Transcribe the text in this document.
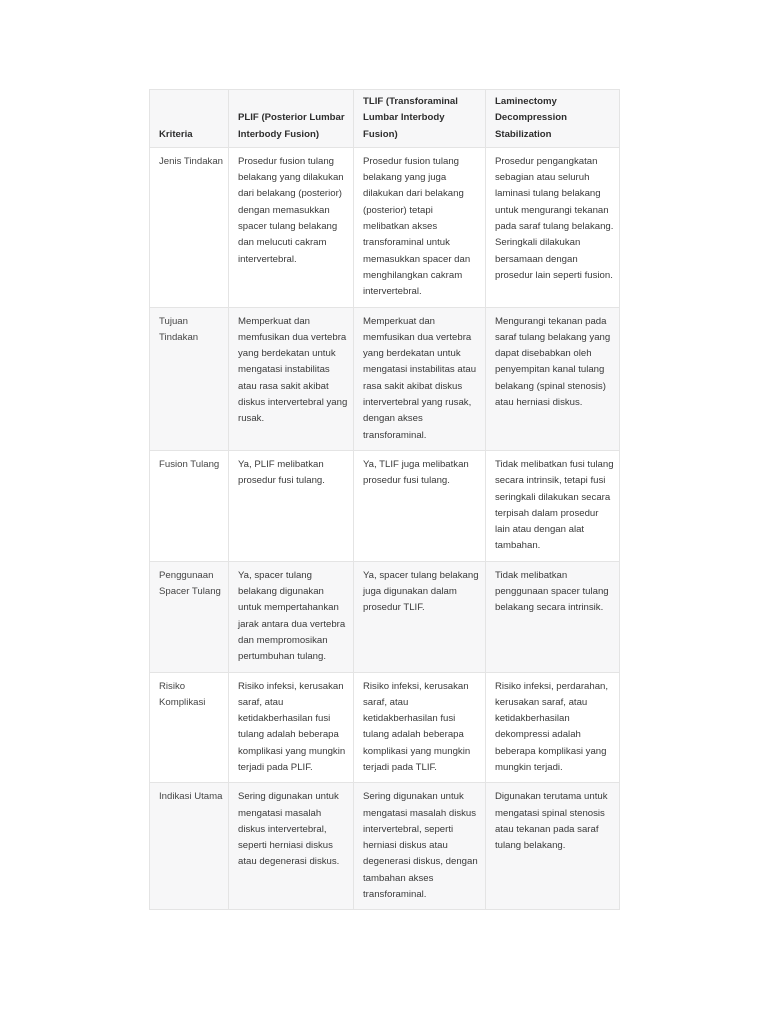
Kriteria	PLIF (Posterior Lumbar Interbody Fusion)	TLIF (Transforaminal Lumbar Interbody Fusion)	Laminectomy Decompression Stabilization
Jenis Tindakan	Prosedur fusion tulang belakang yang dilakukan dari belakang (posterior) dengan memasukkan spacer tulang belakang dan melucuti cakram intervertebral.	Prosedur fusion tulang belakang yang juga dilakukan dari belakang (posterior) tetapi melibatkan akses transforaminal untuk memasukkan spacer dan menghilangkan cakram intervertebral.	Prosedur pengangkatan sebagian atau seluruh laminasi tulang belakang untuk mengurangi tekanan pada saraf tulang belakang. Seringkali dilakukan bersamaan dengan prosedur lain seperti fusion.
Tujuan Tindakan	Memperkuat dan memfusikan dua vertebra yang berdekatan untuk mengatasi instabilitas atau rasa sakit akibat diskus intervertebral yang rusak.	Memperkuat dan memfusikan dua vertebra yang berdekatan untuk mengatasi instabilitas atau rasa sakit akibat diskus intervertebral yang rusak, dengan akses transforaminal.	Mengurangi tekanan pada saraf tulang belakang yang dapat disebabkan oleh penyempitan kanal tulang belakang (spinal stenosis) atau herniasi diskus.
Fusion Tulang	Ya, PLIF melibatkan prosedur fusi tulang.	Ya, TLIF juga melibatkan prosedur fusi tulang.	Tidak melibatkan fusi tulang secara intrinsik, tetapi fusi seringkali dilakukan secara terpisah dalam prosedur lain atau dengan alat tambahan.
Penggunaan Spacer Tulang	Ya, spacer tulang belakang digunakan untuk mempertahankan jarak antara dua vertebra dan mempromosikan pertumbuhan tulang.	Ya, spacer tulang belakang juga digunakan dalam prosedur TLIF.	Tidak melibatkan penggunaan spacer tulang belakang secara intrinsik.
Risiko Komplikasi	Risiko infeksi, kerusakan saraf, atau ketidakberhasilan fusi tulang adalah beberapa komplikasi yang mungkin terjadi pada PLIF.	Risiko infeksi, kerusakan saraf, atau ketidakberhasilan fusi tulang adalah beberapa komplikasi yang mungkin terjadi pada TLIF.	Risiko infeksi, perdarahan, kerusakan saraf, atau ketidakberhasilan dekompressi adalah beberapa komplikasi yang mungkin terjadi.
Indikasi Utama	Sering digunakan untuk mengatasi masalah diskus intervertebral, seperti herniasi diskus atau degenerasi diskus.	Sering digunakan untuk mengatasi masalah diskus intervertebral, seperti herniasi diskus atau degenerasi diskus, dengan tambahan akses transforaminal.	Digunakan terutama untuk mengatasi spinal stenosis atau tekanan pada saraf tulang belakang.
